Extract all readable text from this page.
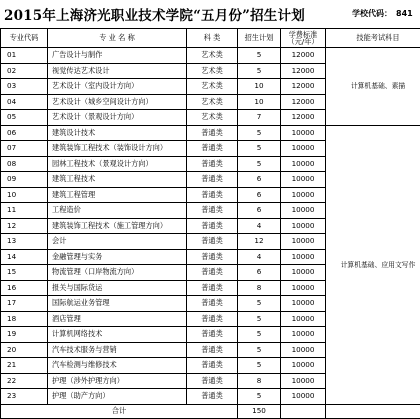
2015年上海济光职业技术学院“五月份”招生计划	学校代码： 841
专业代码	专 业 名 称	科 类	招生计划	学费标准
（元/年）	技能考试科目
01	广告设计与制作	艺术类	5	12000	计算机基础、素描
02	视觉传达艺术设计	艺术类	5	12000	
03	艺术设计（室内设计方向）	艺术类	10	12000	
04	艺术设计（城乡空间设计方向）	艺术类	10	12000	
05	艺术设计（景观设计方向）	艺术类	7	12000	
06	建筑设计技术	普通类	5	10000	计算机基础、应用文写作
07	建筑装饰工程技术（装饰设计方向）	普通类	5	10000	
08	园林工程技术（景观设计方向）	普通类	5	10000	
09	建筑工程技术	普通类	6	10000	
10	建筑工程管理	普通类	6	10000	
11	工程造价	普通类	6	10000	
12	建筑装饰工程技术（施工管理方向）	普通类	4	10000	
13	会计	普通类	12	10000	
14	金融管理与实务	普通类	4	10000	
15	物流管理（口岸物流方向）	普通类	6	10000	
16	报关与国际货运	普通类	8	10000	
17	国际航运业务管理	普通类	5	10000	
18	酒店管理	普通类	5	10000	
19	计算机网络技术	普通类	5	10000	
20	汽车技术服务与营销	普通类	5	10000	
21	汽车检测与维修技术	普通类	5	10000	
22	护理（涉外护理方向）	普通类	8	10000	
23	护理（助产方向）	普通类	5	10000	
合计			150		
